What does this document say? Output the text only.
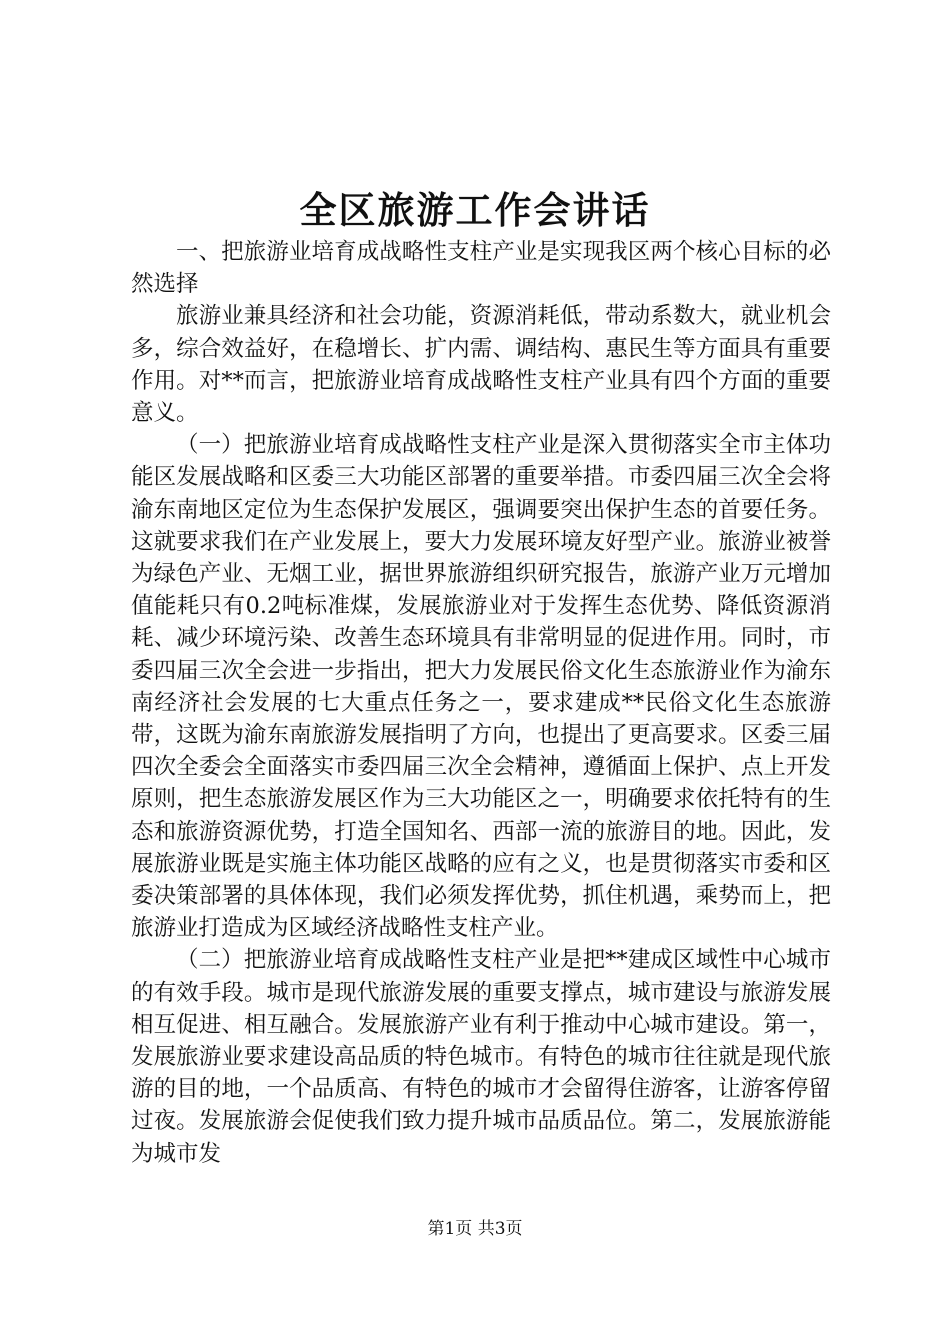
全区旅游工作会讲话

一、把旅游业培育成战略性支柱产业是实现我区两个核心目标的必然选择

旅游业兼具经济和社会功能，资源消耗低，带动系数大，就业机会多，综合效益好，在稳增长、扩内需、调结构、惠民生等方面具有重要作用。对**而言，把旅游业培育成战略性支柱产业具有四个方面的重要意义。

（一）把旅游业培育成战略性支柱产业是深入贯彻落实全市主体功能区发展战略和区委三大功能区部署的重要举措。市委四届三次全会将渝东南地区定位为生态保护发展区，强调要突出保护生态的首要任务。这就要求我们在产业发展上，要大力发展环境友好型产业。旅游业被誉为绿色产业、无烟工业，据世界旅游组织研究报告，旅游产业万元增加值能耗只有0.2吨标准煤，发展旅游业对于发挥生态优势、降低资源消耗、减少环境污染、改善生态环境具有非常明显的促进作用。同时，市委四届三次全会进一步指出，把大力发展民俗文化生态旅游业作为渝东南经济社会发展的七大重点任务之一，要求建成**民俗文化生态旅游带，这既为渝东南旅游发展指明了方向，也提出了更高要求。区委三届四次全委会全面落实市委四届三次全会精神，遵循面上保护、点上开发原则，把生态旅游发展区作为三大功能区之一，明确要求依托特有的生态和旅游资源优势，打造全国知名、西部一流的旅游目的地。因此，发展旅游业既是实施主体功能区战略的应有之义，也是贯彻落实市委和区委决策部署的具体体现，我们必须发挥优势，抓住机遇，乘势而上，把旅游业打造成为区域经济战略性支柱产业。

（二）把旅游业培育成战略性支柱产业是把**建成区域性中心城市的有效手段。城市是现代旅游发展的重要支撑点，城市建设与旅游发展相互促进、相互融合。发展旅游产业有利于推动中心城市建设。第一，发展旅游业要求建设高品质的特色城市。有特色的城市往往就是现代旅游的目的地，一个品质高、有特色的城市才会留得住游客，让游客停留过夜。发展旅游会促使我们致力提升城市品质品位。第二，发展旅游能为城市发

第1页 共3页
